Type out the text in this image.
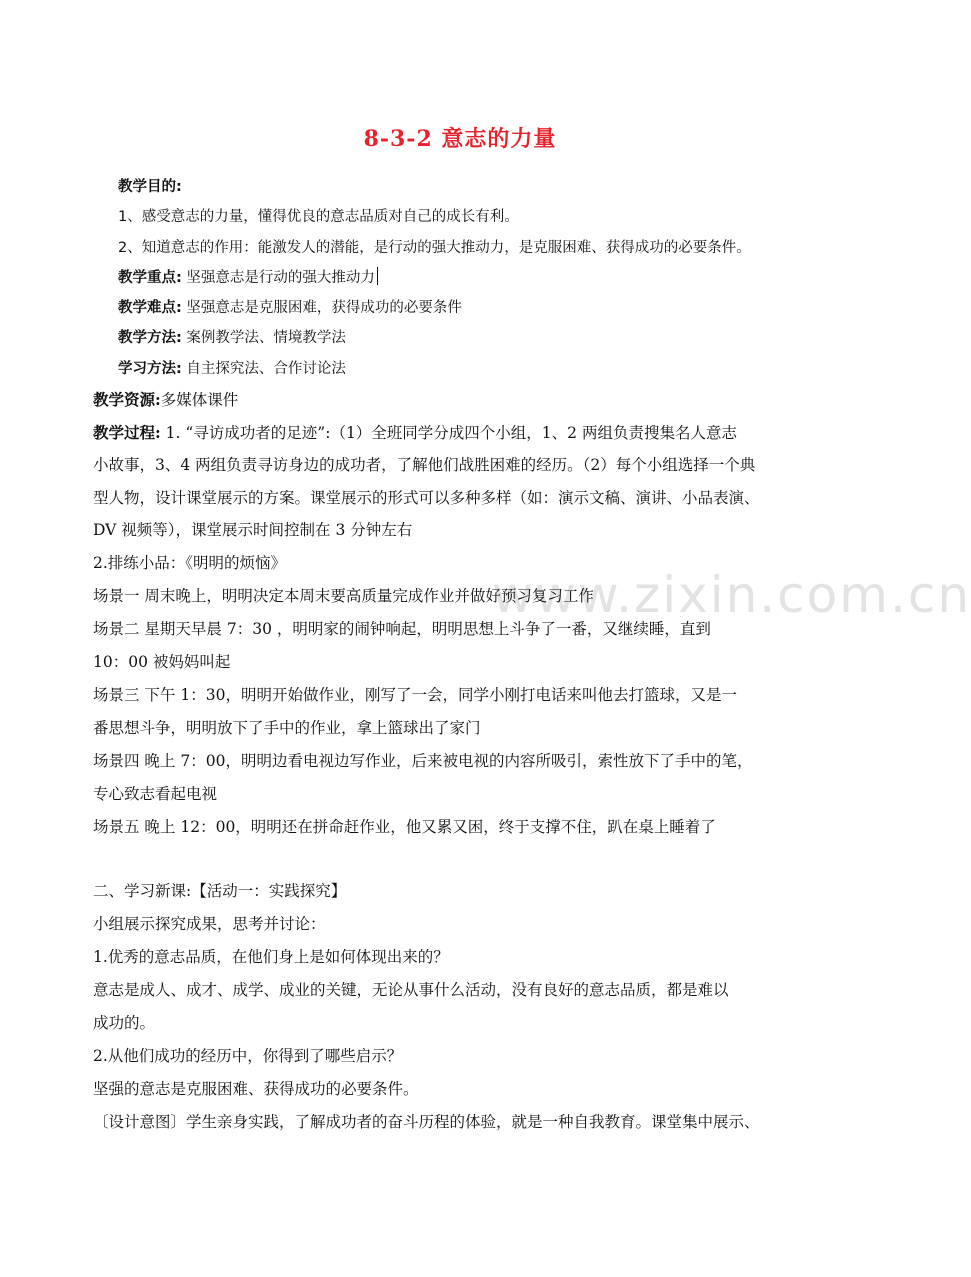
www.zixin.com.cn
8-3-2 意志的力量
教学目的:
1、感受意志的力量，懂得优良的意志品质对自己的成长有利。
2、知道意志的作用：能激发人的潜能，是行动的强大推动力，是克服困难、获得成功的必要条件。
教学重点: 坚强意志是行动的强大推动力
教学难点: 坚强意志是克服困难，获得成功的必要条件
教学方法: 案例教学法、情境教学法
学习方法: 自主探究法、合作讨论法
教学资源:多媒体课件
教学过程: 1. “寻访成功者的足迹”:（1）全班同学分成四个小组，1、2 两组负责搜集名人意志
小故事，3、4 两组负责寻访身边的成功者，了解他们战胜困难的经历。（2）每个小组选择一个典
型人物，设计课堂展示的方案。课堂展示的形式可以多种多样（如：演示文稿、演讲、小品表演、
DV 视频等），课堂展示时间控制在 3 分钟左右
2.排练小品：《明明的烦恼》
场景一 周末晚上，明明决定本周末要高质量完成作业并做好预习复习工作
场景二 星期天早晨 7：30 ，明明家的闹钟响起，明明思想上斗争了一番，又继续睡，直到
10：00 被妈妈叫起
场景三 下午 1：30，明明开始做作业，刚写了一会，同学小刚打电话来叫他去打篮球，又是一
番思想斗争，明明放下了手中的作业，拿上篮球出了家门
场景四 晚上 7：00，明明边看电视边写作业，后来被电视的内容所吸引，索性放下了手中的笔，
专心致志看起电视
场景五 晚上 12：00，明明还在拼命赶作业，他又累又困，终于支撑不住，趴在桌上睡着了
二、学习新课:【活动一：实践探究】
小组展示探究成果，思考并讨论：
1.优秀的意志品质，在他们身上是如何体现出来的？
意志是成人、成才、成学、成业的关键，无论从事什么活动，没有良好的意志品质，都是难以
成功的。
2.从他们成功的经历中，你得到了哪些启示？
坚强的意志是克服困难、获得成功的必要条件。
〔设计意图〕学生亲身实践，了解成功者的奋斗历程的体验，就是一种自我教育。课堂集中展示、
